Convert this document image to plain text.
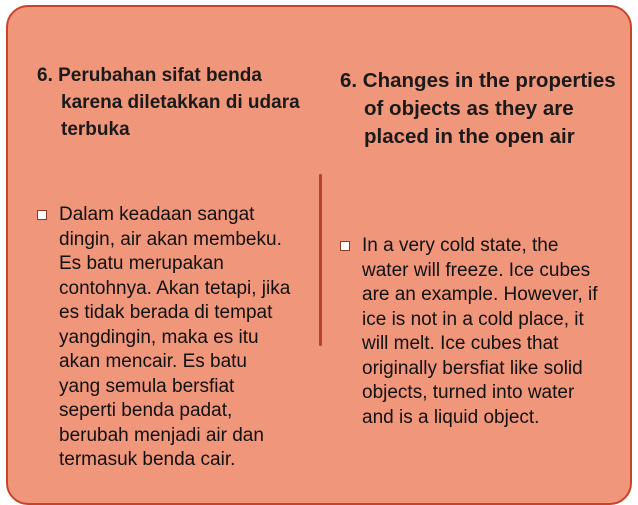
6. Perubahan sifat benda karena diletakkan di udara terbuka

Dalam keadaan sangat dingin, air akan membeku. Es batu merupakan contohnya. Akan tetapi, jika es tidak berada di tempat yangdingin, maka es itu akan mencair. Es batu yang semula bersfiat seperti benda padat, berubah menjadi air dan termasuk benda cair.

6. Changes in the properties of objects as they are placed in the open air

In a very cold state, the water will freeze. Ice cubes are an example. However, if ice is not in a cold place, it will melt. Ice cubes that originally bersfiat like solid objects, turned into water and is a liquid object.
